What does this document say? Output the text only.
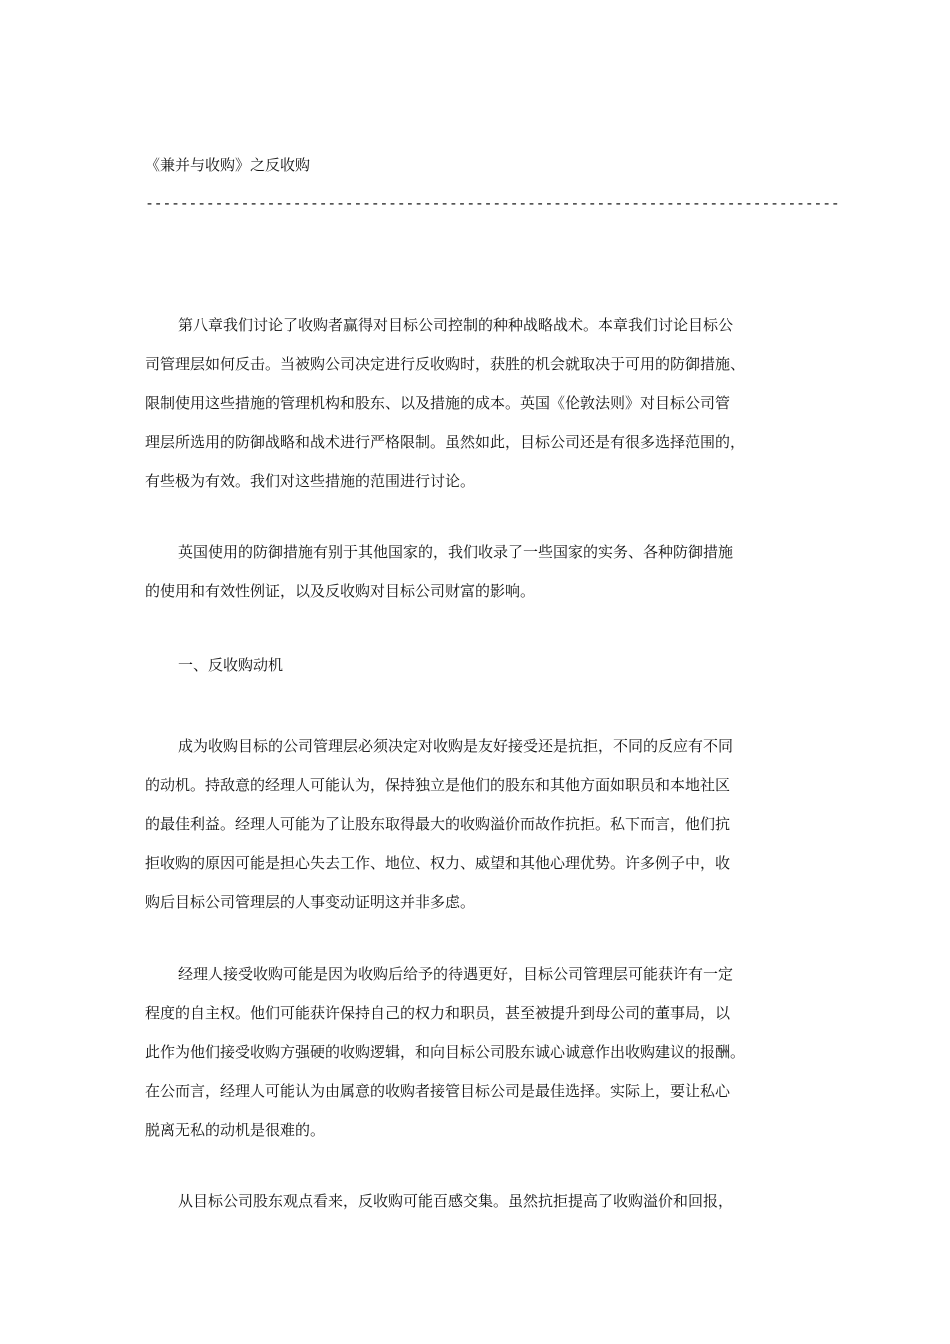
《兼并与收购》之反收购
--------------------------------------------------------------------------------
第八章我们讨论了收购者赢得对目标公司控制的种种战略战术。本章我们讨论目标公
司管理层如何反击。当被购公司决定进行反收购时，获胜的机会就取决于可用的防御措施、
限制使用这些措施的管理机构和股东、以及措施的成本。英国《伦敦法则》对目标公司管
理层所选用的防御战略和战术进行严格限制。虽然如此，目标公司还是有很多选择范围的，
有些极为有效。我们对这些措施的范围进行讨论。
英国使用的防御措施有别于其他国家的，我们收录了一些国家的实务、各种防御措施
的使用和有效性例证，以及反收购对目标公司财富的影响。
一、反收购动机
成为收购目标的公司管理层必须决定对收购是友好接受还是抗拒，不同的反应有不同
的动机。持敌意的经理人可能认为，保持独立是他们的股东和其他方面如职员和本地社区
的最佳利益。经理人可能为了让股东取得最大的收购溢价而故作抗拒。私下而言，他们抗
拒收购的原因可能是担心失去工作、地位、权力、威望和其他心理优势。许多例子中，收
购后目标公司管理层的人事变动证明这并非多虑。
经理人接受收购可能是因为收购后给予的待遇更好，目标公司管理层可能获许有一定
程度的自主权。他们可能获许保持自己的权力和职员，甚至被提升到母公司的董事局，以
此作为他们接受收购方强硬的收购逻辑，和向目标公司股东诚心诚意作出收购建议的报酬。
在公而言，经理人可能认为由属意的收购者接管目标公司是最佳选择。实际上，要让私心
脱离无私的动机是很难的。
从目标公司股东观点看来，反收购可能百感交集。虽然抗拒提高了收购溢价和回报，
